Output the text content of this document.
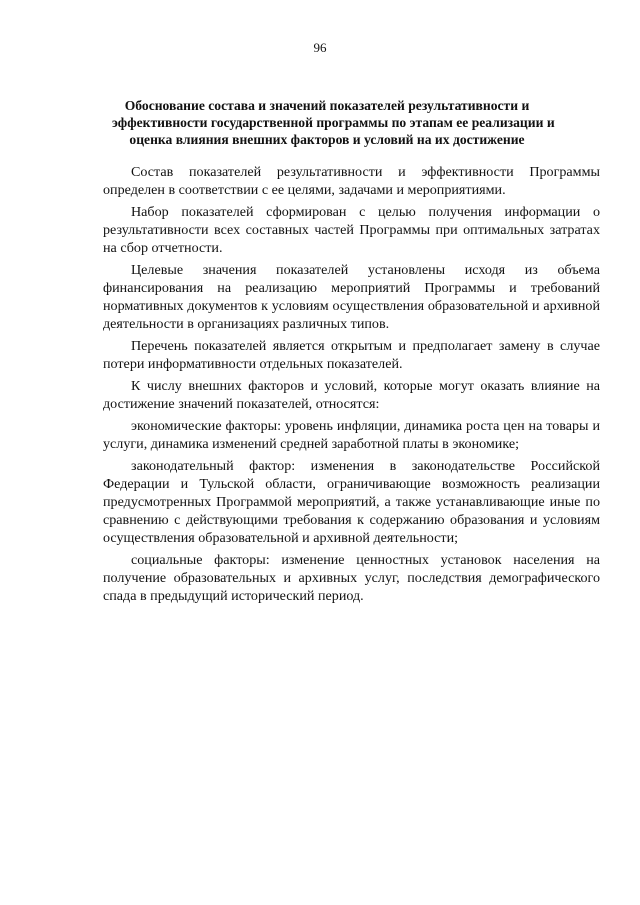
96
Обоснование состава и значений показателей результативности и
эффективности государственной программы по этапам ее реализации и
оценка влияния внешних факторов и условий на их достижение

Состав показателей результативности и эффективности Программы определен в соответствии с ее целями, задачами и мероприятиями.

Набор показателей сформирован с целью получения информации о результативности всех составных частей Программы при оптимальных затратах на сбор отчетности.

Целевые значения показателей установлены исходя из объема финансирования на реализацию мероприятий Программы и требований нормативных документов к условиям осуществления образовательной и архивной деятельности в организациях различных типов.

Перечень показателей является открытым и предполагает замену в случае потери информативности отдельных показателей.

К числу внешних факторов и условий, которые могут оказать влияние на достижение значений показателей, относятся:

экономические факторы: уровень инфляции, динамика роста цен на товары и услуги, динамика изменений средней заработной платы в экономике;

законодательный фактор: изменения в законодательстве Российской Федерации и Тульской области, ограничивающие возможность реализации предусмотренных Программой мероприятий, а также устанавливающие иные по сравнению с действующими требования к содержанию образования и условиям осуществления образовательной и архивной деятельности;

социальные факторы: изменение ценностных установок населения на получение образовательных и архивных услуг, последствия демографического спада в предыдущий исторический период.
